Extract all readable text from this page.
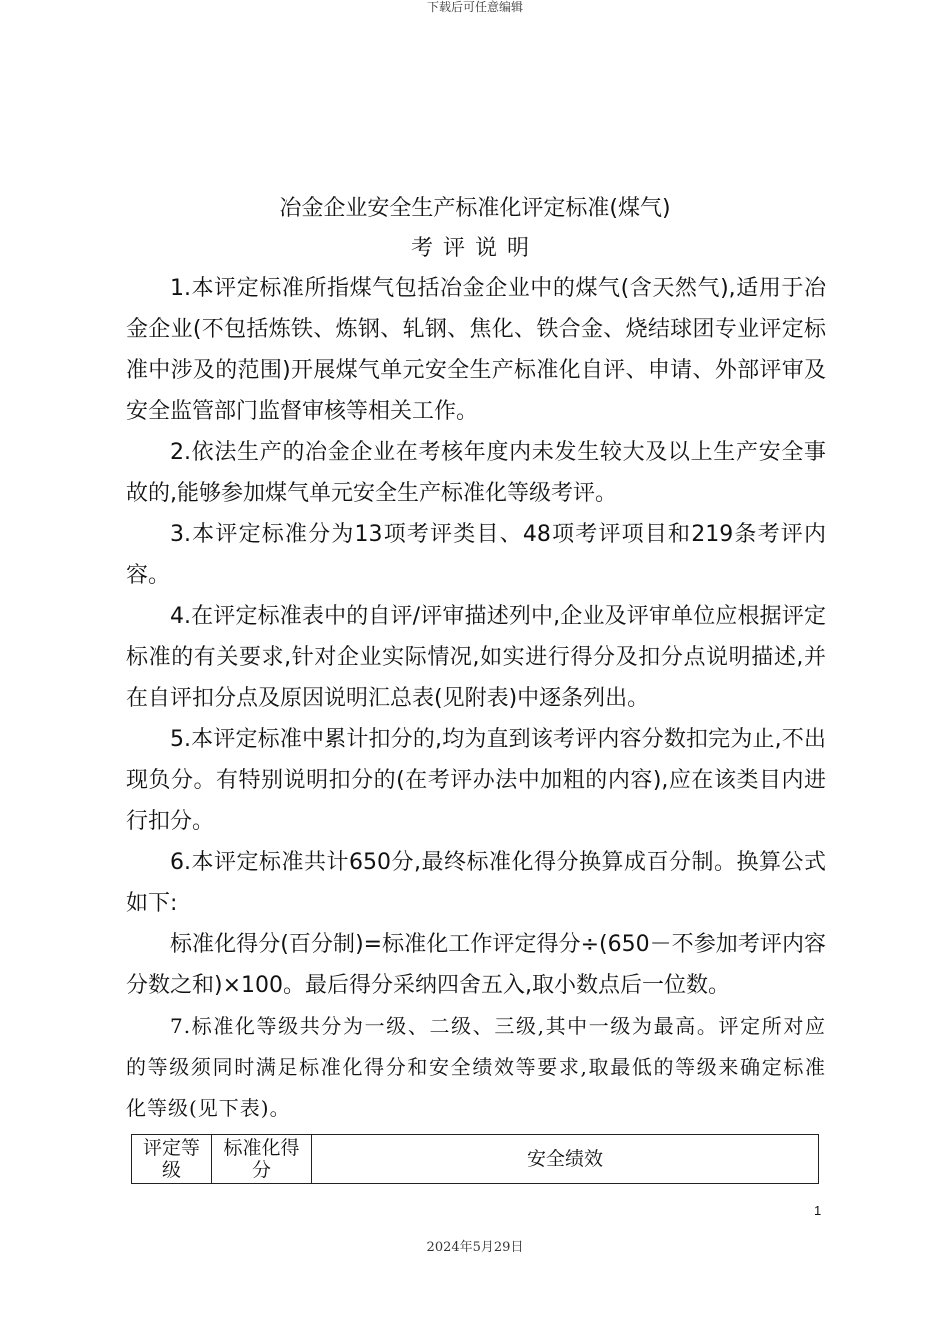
下载后可任意编辑
冶金企业安全生产标准化评定标准(煤气)
考评说明

1.本评定标准所指煤气包括冶金企业中的煤气(含天然气),适用于冶金企业(不包括炼铁、炼钢、轧钢、焦化、铁合金、烧结球团专业评定标准中涉及的范围)开展煤气单元安全生产标准化自评、申请、外部评审及安全监管部门监督审核等相关工作。

2.依法生产的冶金企业在考核年度内未发生较大及以上生产安全事故的,能够参加煤气单元安全生产标准化等级考评。

3.本评定标准分为13项考评类目、48项考评项目和219条考评内容。

4.在评定标准表中的自评/评审描述列中,企业及评审单位应根据评定标准的有关要求,针对企业实际情况,如实进行得分及扣分点说明描述,并在自评扣分点及原因说明汇总表(见附表)中逐条列出。

5.本评定标准中累计扣分的,均为直到该考评内容分数扣完为止,不出现负分。有特别说明扣分的(在考评办法中加粗的内容),应在该类目内进行扣分。

6.本评定标准共计650分,最终标准化得分换算成百分制。换算公式如下:

标准化得分(百分制)=标准化工作评定得分÷(650－不参加考评内容分数之和)×100。最后得分采纳四舍五入,取小数点后一位数。

7.标准化等级共分为一级、二级、三级,其中一级为最高。评定所对应的等级须同时满足标准化得分和安全绩效等要求,取最低的等级来确定标准化等级(见下表)。

评定等级	标准化得分	安全绩效
1
2024年5月29日
